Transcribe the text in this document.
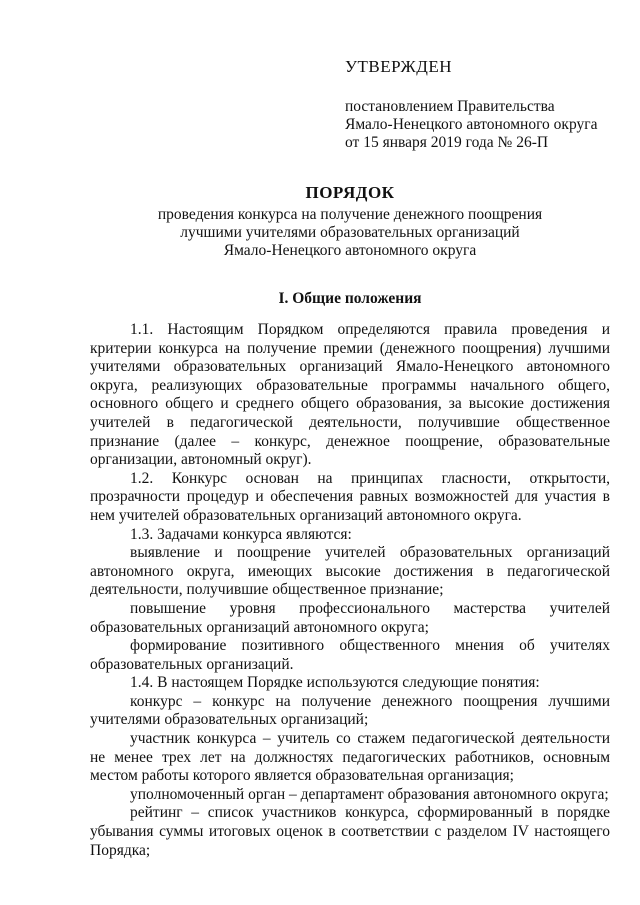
УТВЕРЖДЕН
постановлением Правительства
Ямало-Ненецкого автономного округа
от 15 января 2019 года № 26-П
ПОРЯДОК
проведения конкурса на получение денежного поощрения
лучшими учителями образовательных организаций
Ямало-Ненецкого автономного округа
I. Общие положения

1.1. Настоящим Порядком определяются правила проведения и критерии конкурса на получение премии (денежного поощрения) лучшими учителями образовательных организаций Ямало-Ненецкого автономного округа, реализующих образовательные программы начального общего, основного общего и среднего общего образования, за высокие достижения учителей в педагогической деятельности, получившие общественное признание (далее – конкурс, денежное поощрение, образовательные организации, автономный округ).

1.2. Конкурс основан на принципах гласности, открытости, прозрачности процедур и обеспечения равных возможностей для участия в нем учителей образовательных организаций автономного округа.

1.3. Задачами конкурса являются:

выявление и поощрение учителей образовательных организаций автономного округа, имеющих высокие достижения в педагогической деятельности, получившие общественное признание;

повышение уровня профессионального мастерства учителей образовательных организаций автономного округа;

формирование позитивного общественного мнения об учителях образовательных организаций.

1.4. В настоящем Порядке используются следующие понятия:

конкурс – конкурс на получение денежного поощрения лучшими учителями образовательных организаций;

участник конкурса – учитель со стажем педагогической деятельности не менее трех лет на должностях педагогических работников, основным местом работы которого является образовательная организация;

уполномоченный орган – департамент образования автономного округа;

рейтинг – список участников конкурса, сформированный в порядке убывания суммы итоговых оценок в соответствии с разделом IV настоящего Порядка;
